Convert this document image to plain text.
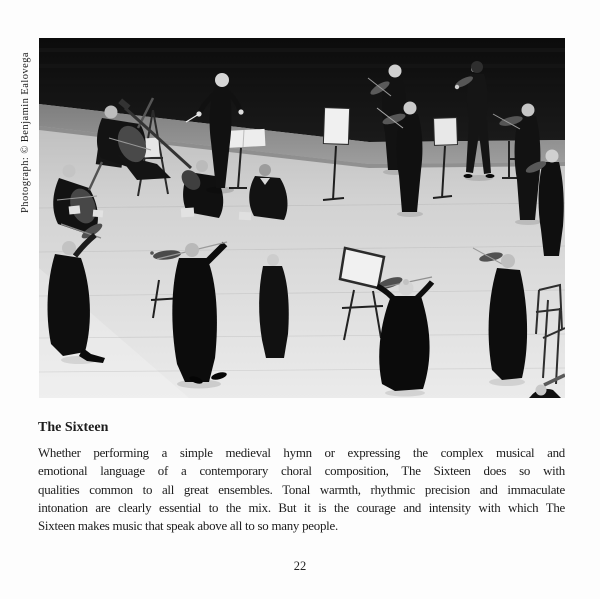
Photograph: © Benjamin Ealovega
The Sixteen
Whether performing a simple medieval hymn or expressing the complex musical and
emotional language of a contemporary choral composition, The Sixteen does so with
qualities common to all great ensembles. Tonal warmth, rhythmic precision and immaculate
intonation are clearly essential to the mix. But it is the courage and intensity with which The
Sixteen makes music that speak above all to so many people.
22
